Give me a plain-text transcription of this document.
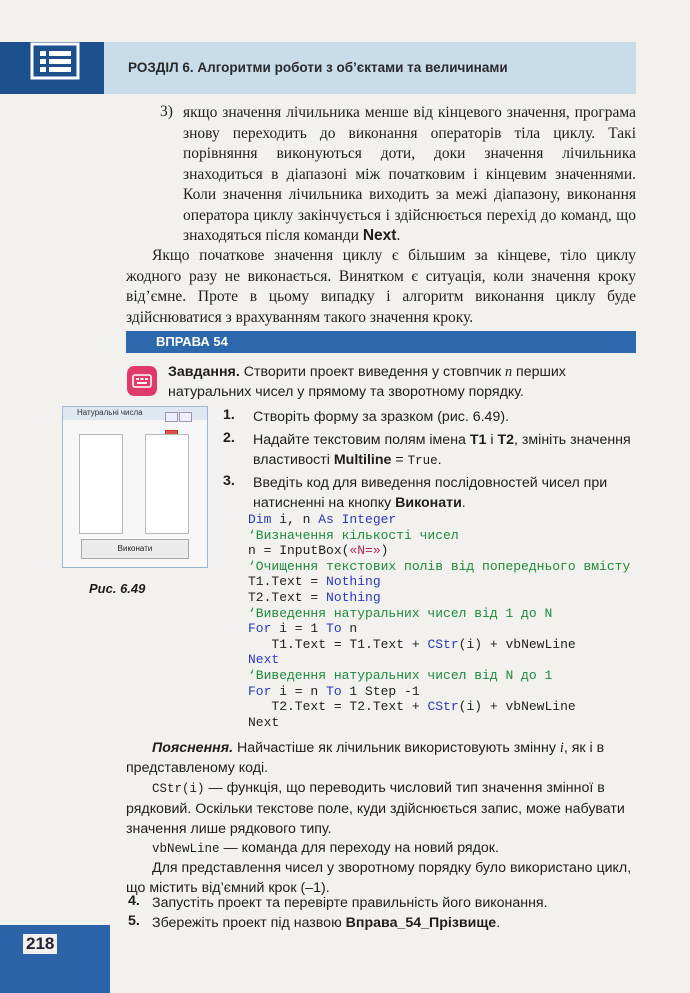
РОЗДІЛ 6. Алгоритми роботи з об’єктами та величинами
3) якщо значення лічильника менше від кінцевого значення, програма знову переходить до виконання операторів тіла циклу. Такі порівняння виконуються доти, доки значення лічильника знаходиться в діапазоні між початковим і кінцевим значеннями. Коли значення лічильника виходить за межі діапазону, виконання оператора циклу закінчується і здійснюється перехід до команд, що знаходяться після команди Next.
Якщо початкове значення циклу є більшим за кінцеве, тіло циклу жодного разу не виконається. Винятком є ситуація, коли значення кроку від’ємне. Проте в цьому випадку і алгоритм виконання циклу буде здійснюватися з врахуванням такого значення кроку.
ВПРАВА 54
Завдання. Створити проект виведення у стовпчик n перших натуральних чисел у прямому та зворотному порядку.
Натуральні числа
Виконати
Рис. 6.49
1. Створіть форму за зразком (рис. 6.49).
2. Надайте текстовим полям імена T1 і T2, змініть значення властивості Multiline = True.
3. Введіть код для виведення послідовностей чисел при натисненні на кнопку Виконати.
Dim i, n As Integer
‘Визначення кількості чисел
n = InputBox(«N=»)
‘Очищення текстових полів від попереднього вмісту
T1.Text = Nothing
T2.Text = Nothing
‘Виведення натуральних чисел від 1 до N
For i = 1 To n
T1.Text = T1.Text + CStr(i) + vbNewLine
Next
‘Виведення натуральних чисел від N до 1
For i = n To 1 Step -1
T2.Text = T2.Text + CStr(i) + vbNewLine
Next
Пояснення. Найчастіше як лічильник використовують змінну i, як і в представленому коді.
CStr(i) — функція, що переводить числовий тип значення змінної в рядковий. Оскільки текстове поле, куди здійснюється запис, може набувати значення лише рядкового типу.
vbNewLine — команда для переходу на новий рядок.
Для представлення чисел у зворотному порядку було використано цикл, що містить від’ємний крок (–1).
4. Запустіть проект та перевірте правильність його виконання.
5. Збережіть проект під назвою Вправа_54_Прізвище.
218
